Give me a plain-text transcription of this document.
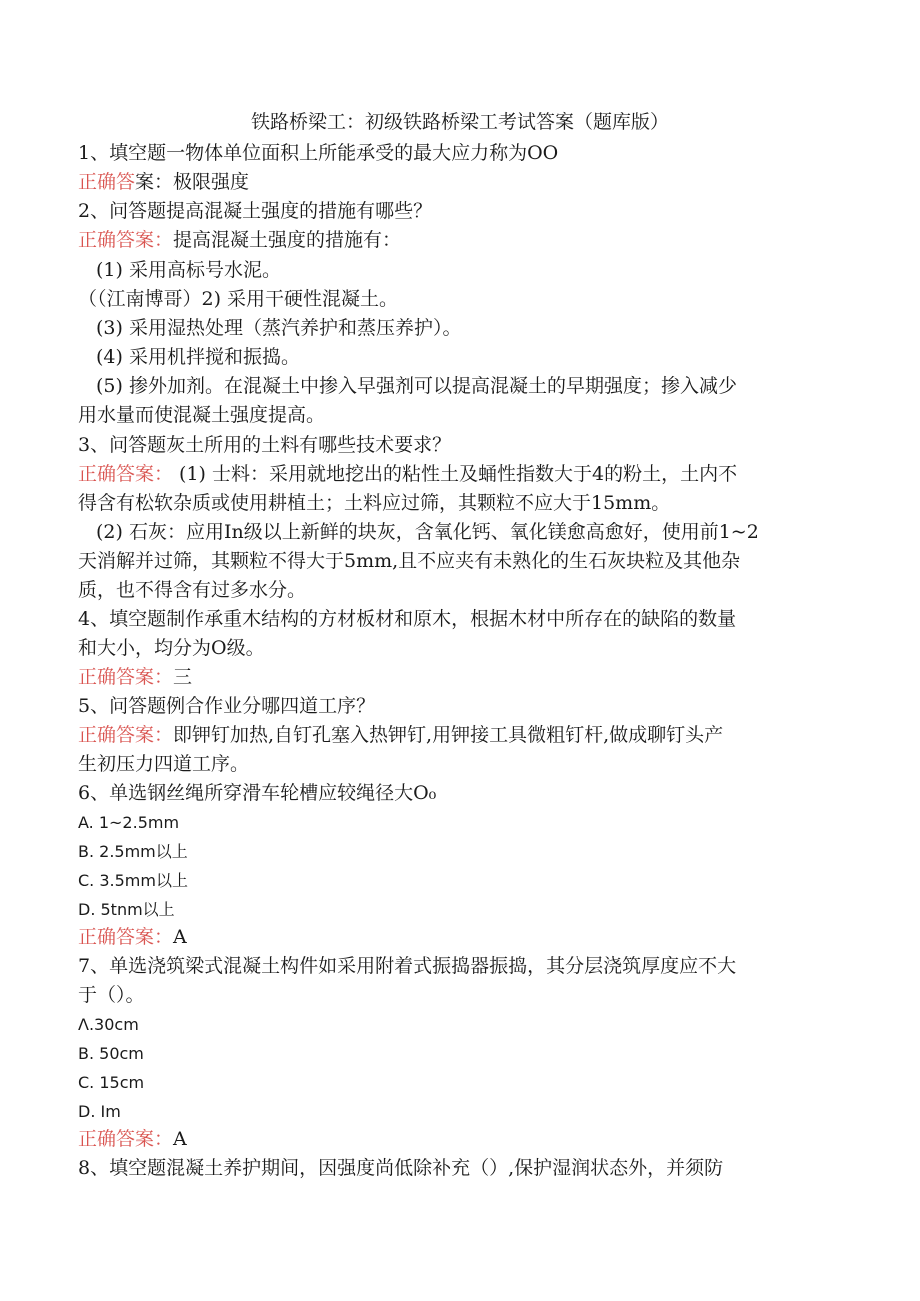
铁路桥梁工：初级铁路桥梁工考试答案（题库版）
1、填空题一物体单位面积上所能承受的最大应力称为OO
正确答案：极限强度
2、问答题提高混凝土强度的措施有哪些？
正确答案：提高混凝土强度的措施有：
(1) 采用高标号水泥。
（（江南博哥）2) 采用干硬性混凝土。
(3) 采用湿热处理（蒸汽养护和蒸压养护）。
(4) 采用机拌搅和振捣。
(5) 掺外加剂。在混凝土中掺入早强剂可以提高混凝土的早期强度；掺入减少
用水量而使混凝土强度提高。
3、问答题灰土所用的土料有哪些技术要求？
正确答案： (1) 士料：采用就地挖出的粘性土及蛹性指数大于4的粉土，土内不
得含有松软杂质或使用耕植土；土料应过筛，其颗粒不应大于15mm。
(2) 石灰：应用In级以上新鲜的块灰，含氧化钙、氧化镁愈高愈好，使用前1~2
天消解并过筛，其颗粒不得大于5mm,且不应夹有未熟化的生石灰块粒及其他杂
质，也不得含有过多水分。
4、填空题制作承重木结构的方材板材和原木，根据木材中所存在的缺陷的数量
和大小，均分为O级。
正确答案：三
5、问答题例合作业分哪四道工序？
正确答案：即钾钉加热,自钉孔塞入热钾钉,用钾接工具微粗钉杆,做成聊钉头产
生初压力四道工序。
6、单选钢丝绳所穿滑车轮槽应较绳径大O₀
A. 1~2.5mm
B. 2.5mm以上
C. 3.5mm以上
D. 5tnm以上
正确答案：A
7、单选浇筑梁式混凝土构件如采用附着式振捣器振捣，其分层浇筑厚度应不大
于（）。
Λ.30cm
B. 50cm
C. 15cm
D. Im
正确答案：A
8、填空题混凝土养护期间，因强度尚低除补充（）,保护湿润状态外，并须防
